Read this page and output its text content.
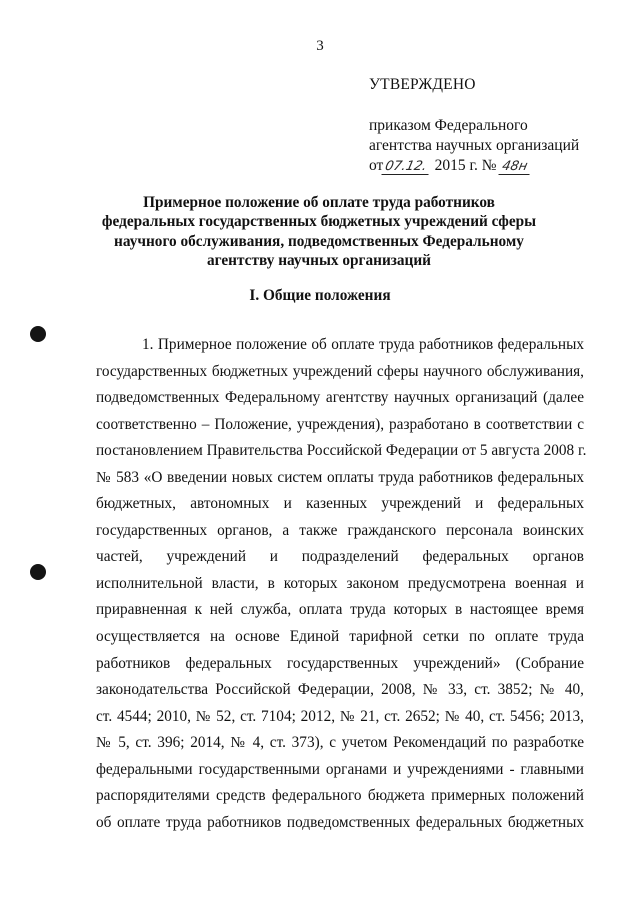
3
УТВЕРЖДЕНО
приказом Федерального
агентства научных организаций
от07.12. 2015 г. № 48н
Примерное положение об оплате труда работников федеральных государственных бюджетных учреждений сферы научного обслуживания, подведомственных Федеральному агентству научных организаций
I. Общие положения
1. Примерное положение об оплате труда работников федеральных
государственных бюджетных учреждений сферы научного обслуживания,
подведомственных Федеральному агентству научных организаций (далее
соответственно – Положение, учреждения), разработано в соответствии с
постановлением Правительства Российской Федерации от 5 августа 2008 г.
№ 583 «О введении новых систем оплаты труда работников федеральных
бюджетных, автономных и казенных учреждений и федеральных
государственных органов, а также гражданского персонала воинских
частей, учреждений и подразделений федеральных органов
исполнительной власти, в которых законом предусмотрена военная и
приравненная к ней служба, оплата труда которых в настоящее время
осуществляется на основе Единой тарифной сетки по оплате труда
работников федеральных государственных учреждений» (Собрание
законодательства Российской Федерации, 2008, № 33, ст. 3852; № 40,
ст. 4544; 2010, № 52, ст. 7104; 2012, № 21, ст. 2652; № 40, ст. 5456; 2013,
№ 5, ст. 396; 2014, № 4, ст. 373), с учетом Рекомендаций по разработке
федеральными государственными органами и учреждениями - главными
распорядителями средств федерального бюджета примерных положений
об оплате труда работников подведомственных федеральных бюджетных
